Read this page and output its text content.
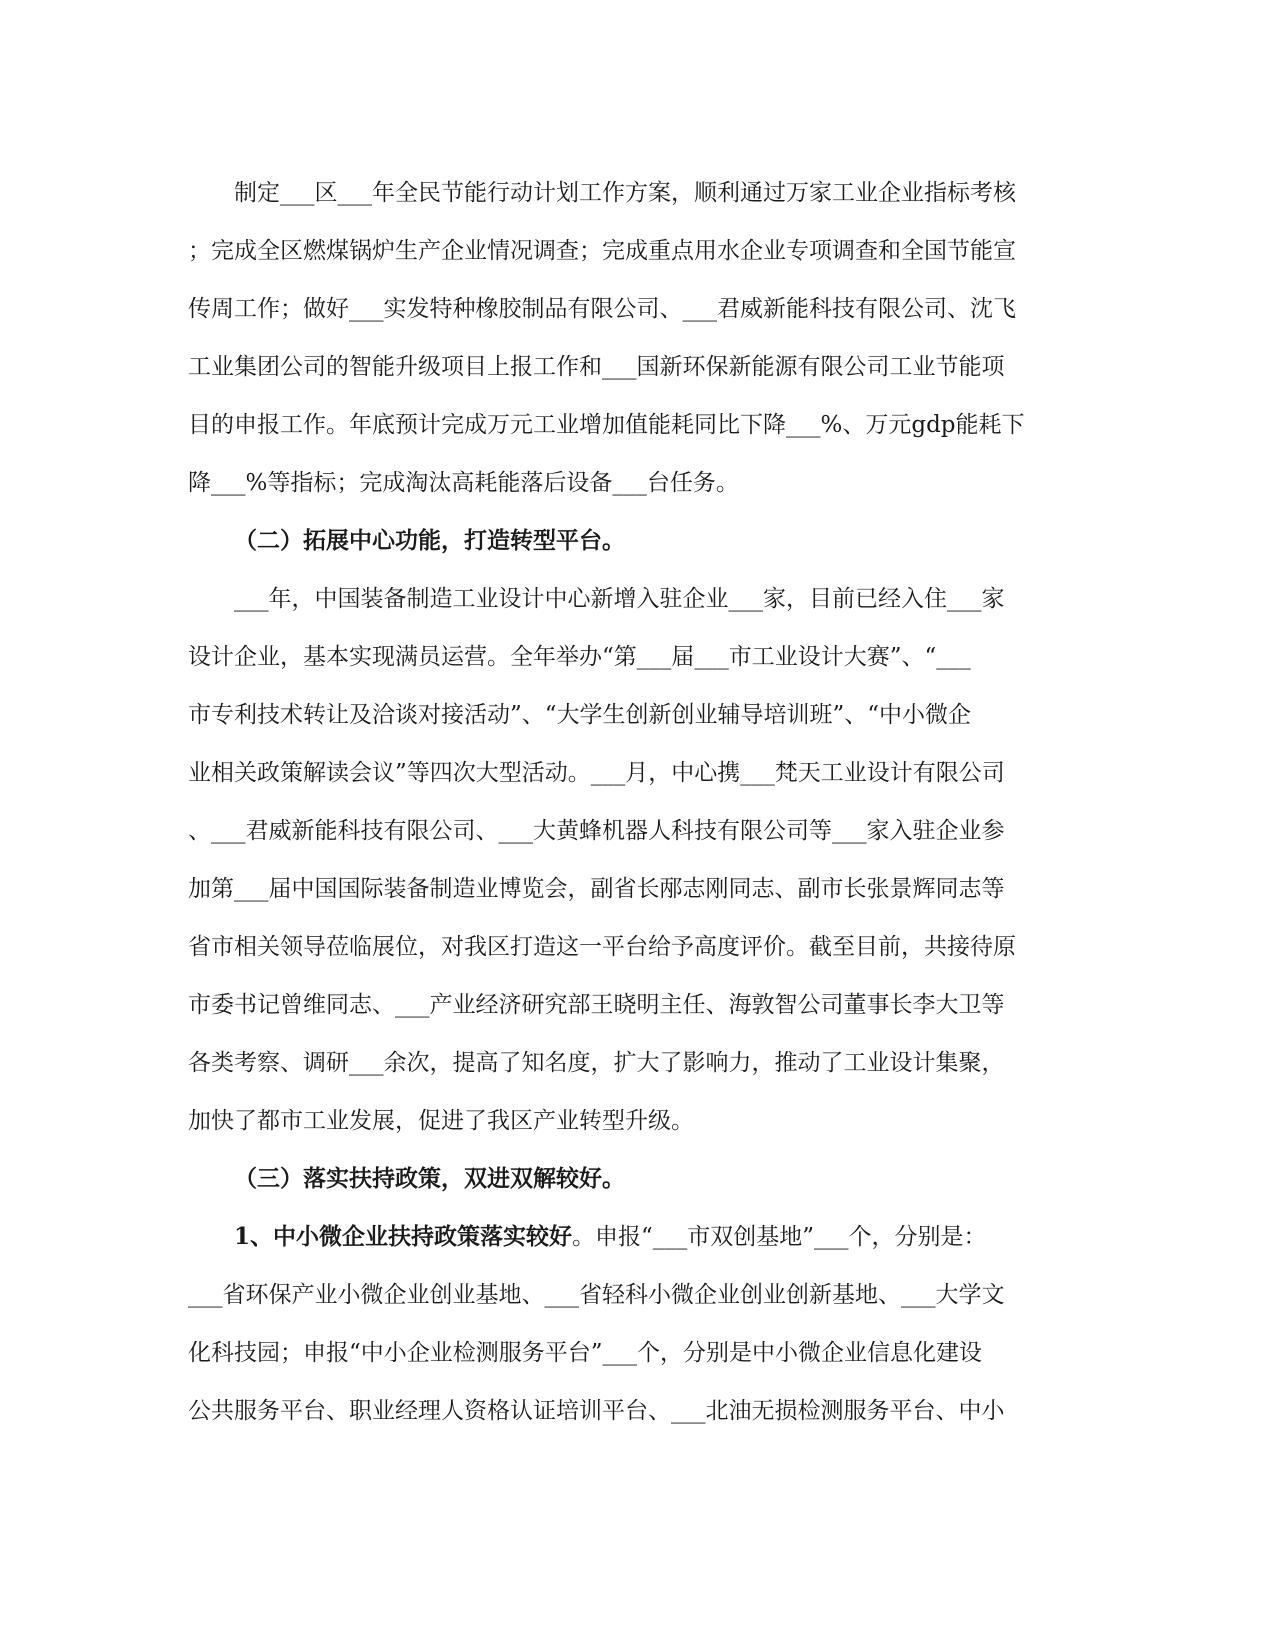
制定___区___年全民节能行动计划工作方案，顺利通过万家工业企业指标考核
；完成全区燃煤锅炉生产企业情况调查；完成重点用水企业专项调查和全国节能宣
传周工作；做好___实发特种橡胶制品有限公司、___君威新能科技有限公司、沈飞
工业集团公司的智能升级项目上报工作和___国新环保新能源有限公司工业节能项
目的申报工作。年底预计完成万元工业增加值能耗同比下降___%、万元gdp能耗下
降___%等指标；完成淘汰高耗能落后设备___台任务。
（二）拓展中心功能，打造转型平台。
___年，中国装备制造工业设计中心新增入驻企业___家，目前已经入住___家
设计企业，基本实现满员运营。全年举办“第___届___市工业设计大赛”、“___
市专利技术转让及洽谈对接活动”、“大学生创新创业辅导培训班”、“中小微企
业相关政策解读会议”等四次大型活动。___月，中心携___梵天工业设计有限公司
、___君威新能科技有限公司、___大黄蜂机器人科技有限公司等___家入驻企业参
加第___届中国国际装备制造业博览会，副省长邴志刚同志、副市长张景辉同志等
省市相关领导莅临展位，对我区打造这一平台给予高度评价。截至目前，共接待原
市委书记曾维同志、___产业经济研究部王晓明主任、海敦智公司董事长李大卫等
各类考察、调研___余次，提高了知名度，扩大了影响力，推动了工业设计集聚，
加快了都市工业发展，促进了我区产业转型升级。
（三）落实扶持政策，双进双解较好。
1、中小微企业扶持政策落实较好。申报“___市双创基地”___个，分别是：
___省环保产业小微企业创业基地、___省轻科小微企业创业创新基地、___大学文
化科技园；申报“中小企业检测服务平台”___个，分别是中小微企业信息化建设
公共服务平台、职业经理人资格认证培训平台、___北油无损检测服务平台、中小
